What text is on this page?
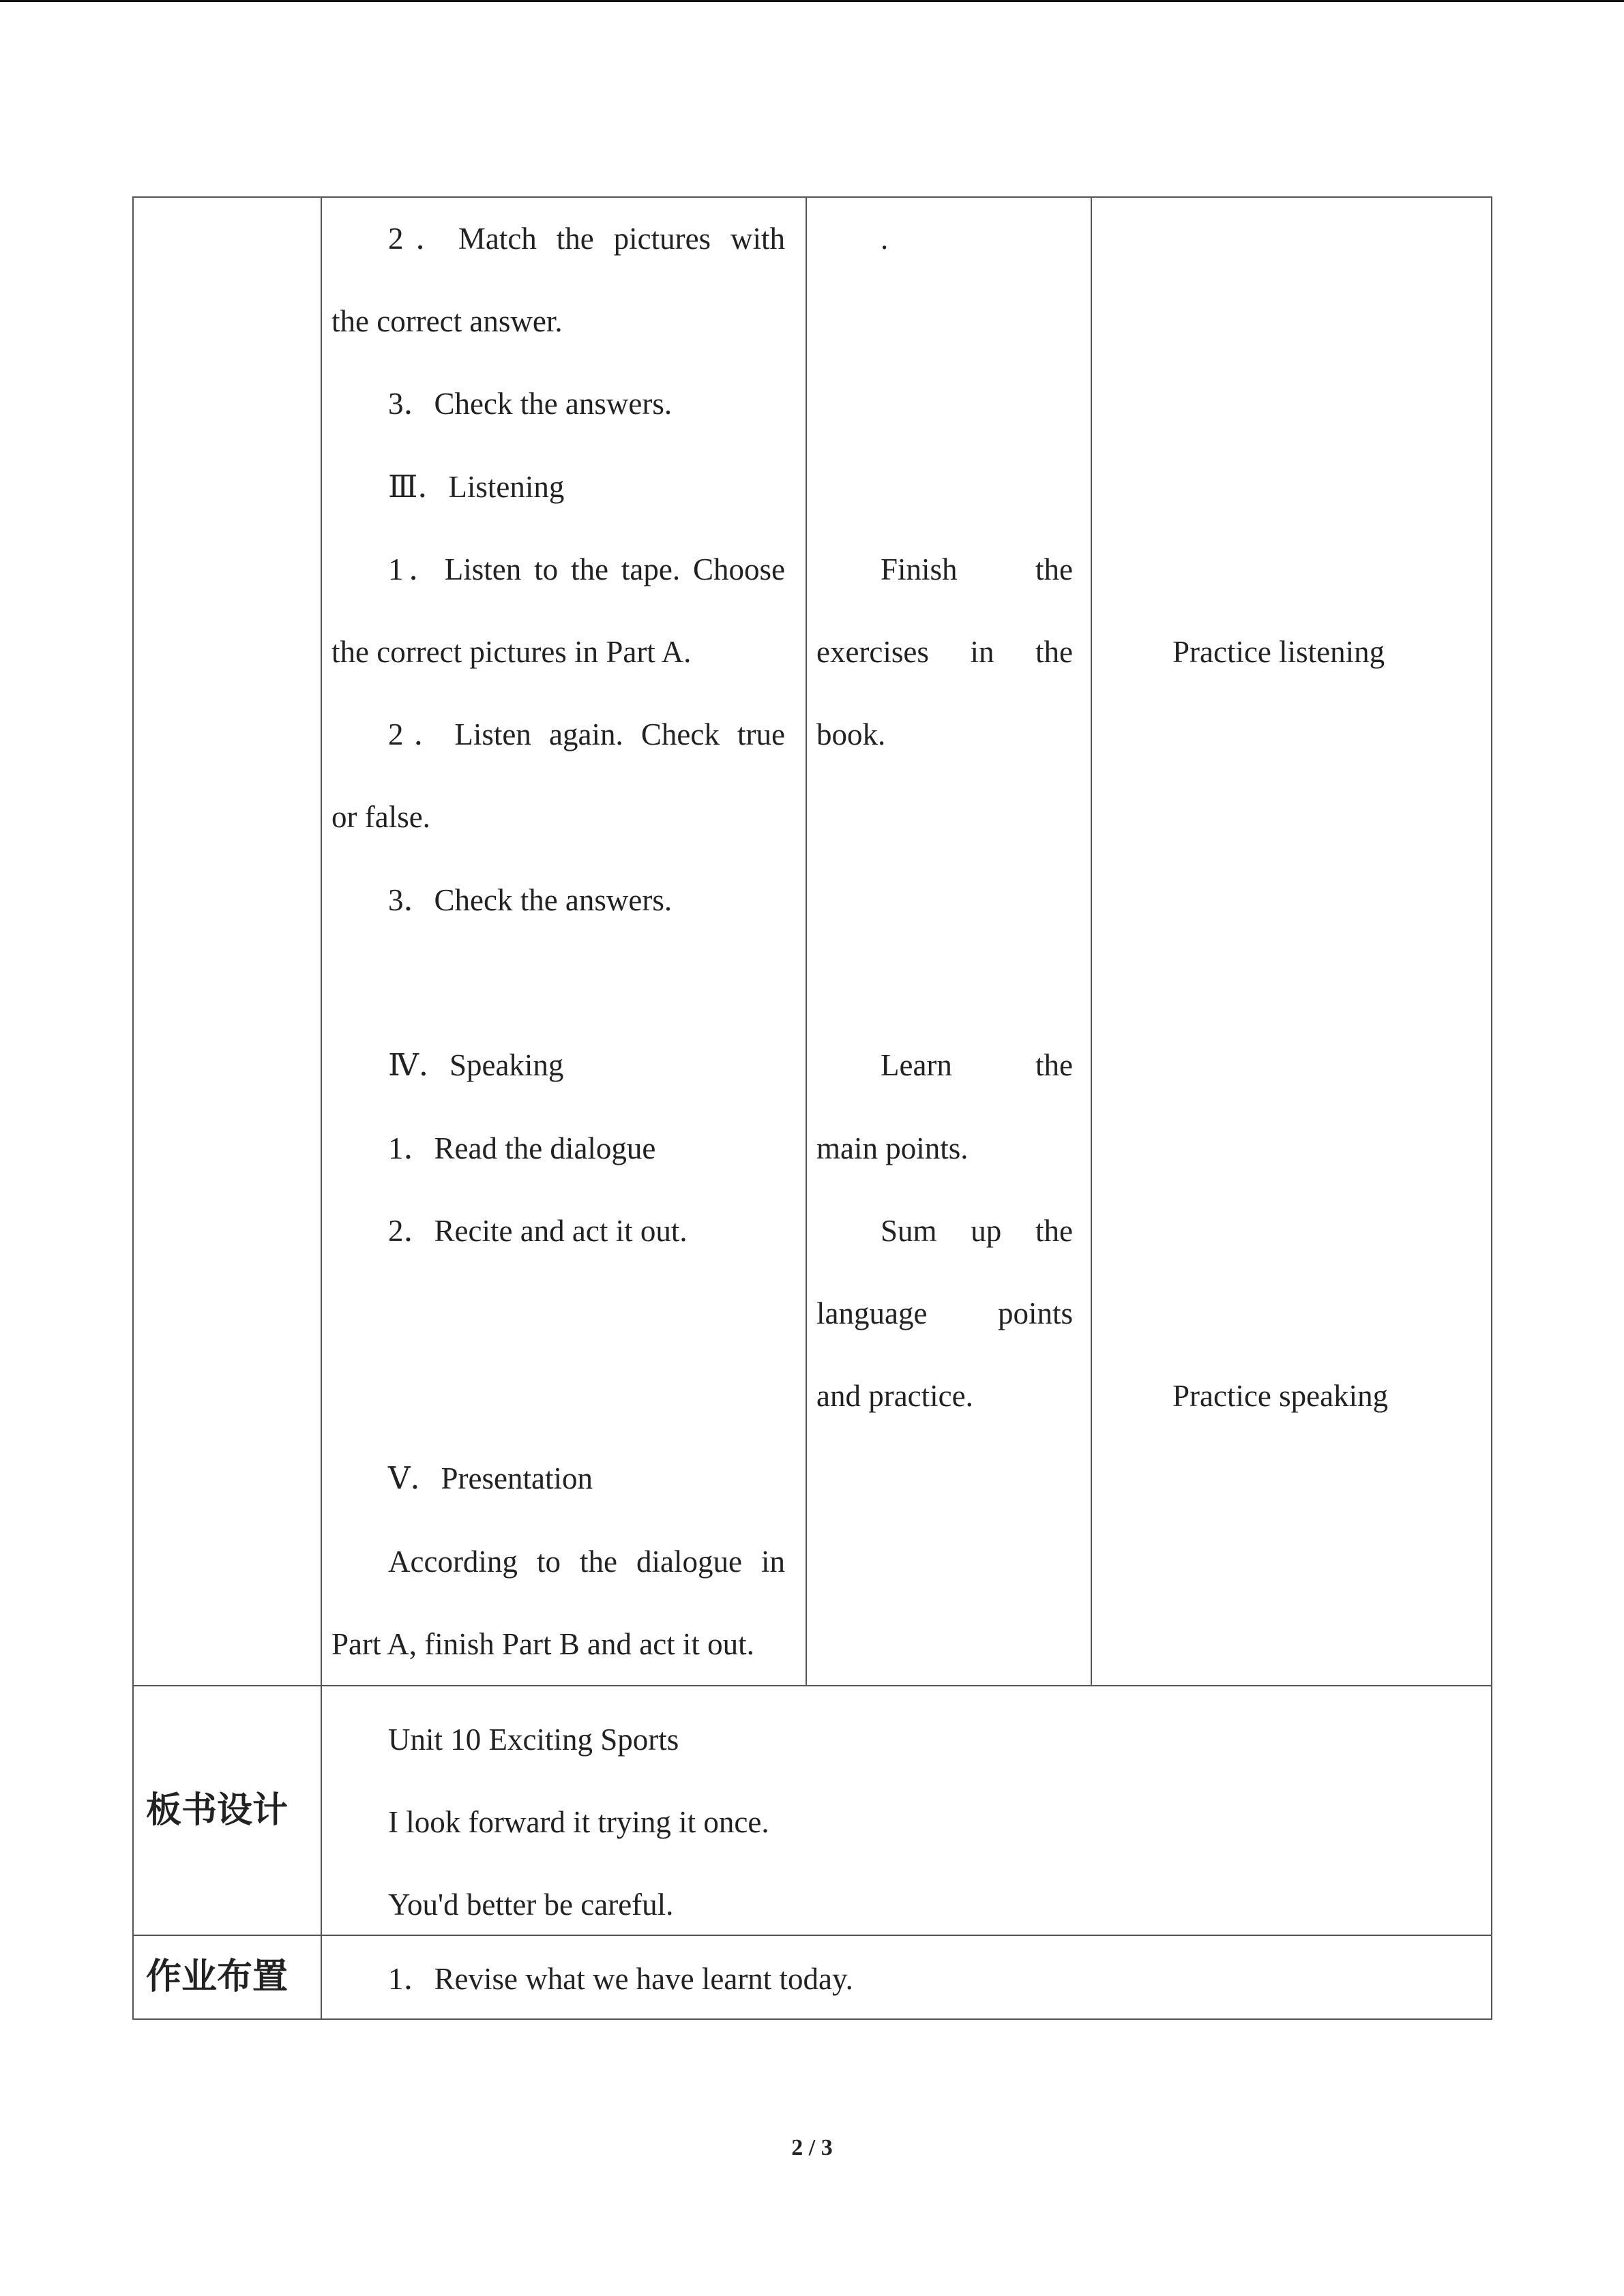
2．Match the pictures with

the correct answer.

3．Check the answers.

Ⅲ．Listening

1．Listen to the tape. Choose

the correct pictures in Part A.

2．Listen again. Check true

or false.

3．Check the answers.

Ⅳ．Speaking

1．Read the dialogue

2．Recite and act it out.

Ⅴ．Presentation

According to the dialogue in

Part A, finish Part B and act it out.

.

Finish the

exercises in the

book.

Learn the

main points.

Sum up the

language points

and practice.

Practice listening

Practice speaking

板书设计

Unit 10 Exciting Sports

I look forward it trying it once.

You'd better be careful.

作业布置	1．Revise what we have learnt today.

2 / 3
